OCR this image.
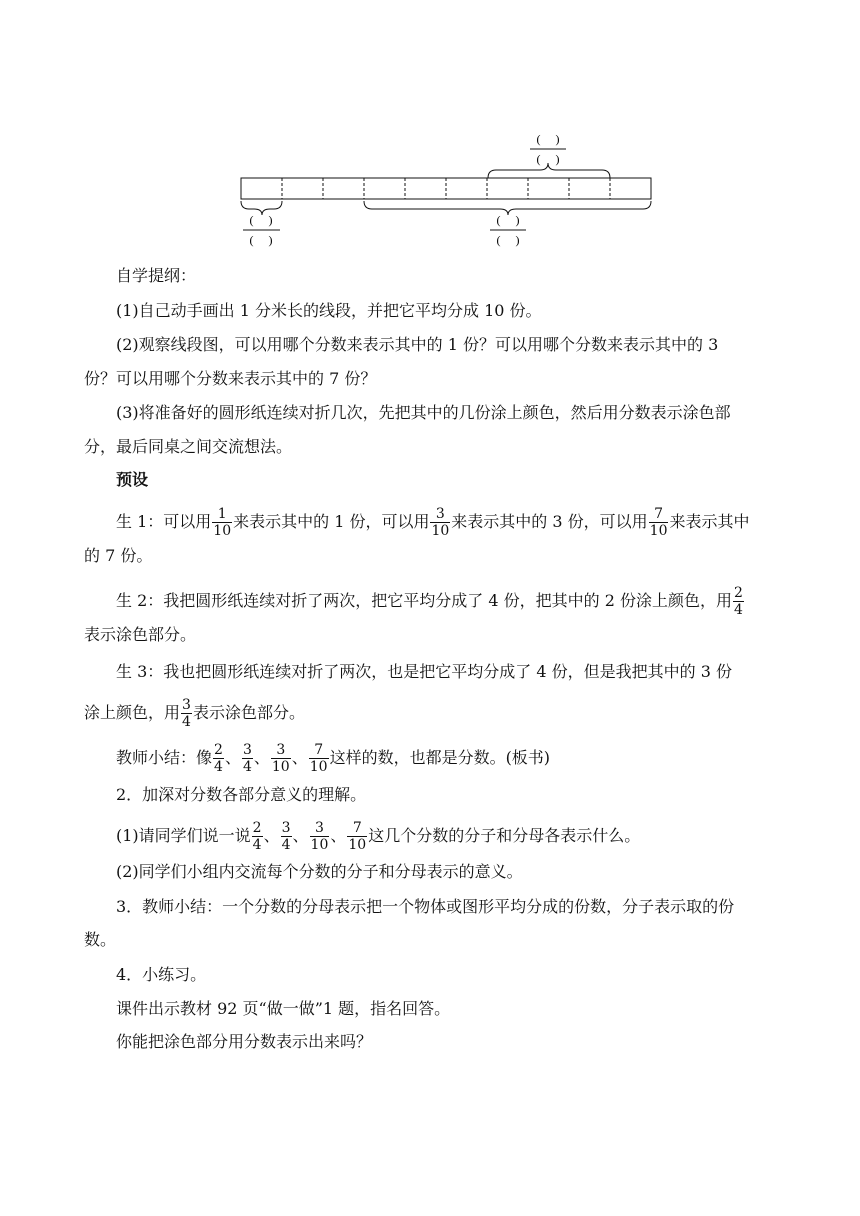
(　 )
(　 )
(　 )
(　 )
(　 )
(　 )
自学提纲：
(1)自己动手画出 1 分米长的线段，并把它平均分成 10 份。
(2)观察线段图，可以用哪个分数来表示其中的 1 份？可以用哪个分数来表示其中的 3
份？可以用哪个分数来表示其中的 7 份？
(3)将准备好的圆形纸连续对折几次，先把其中的几份涂上颜色，然后用分数表示涂色部
分，最后同桌之间交流想法。
预设
生 1：可以用 $\frac{1}{10}$ 来表示其中的 1 份，可以用 $\frac{3}{10}$ 来表示其中的 3 份，可以用 $\frac{7}{10}$ 来表示其中
的 7 份。
生 2：我把圆形纸连续对折了两次，把它平均分成了 4 份，把其中的 2 份涂上颜色，用 $\frac{2}{4}$
表示涂色部分。
生 3：我也把圆形纸连续对折了两次，也是把它平均分成了 4 份，但是我把其中的 3 份
涂上颜色，用 $\frac{3}{4}$ 表示涂色部分。
教师小结：像 $\frac{2}{4}$ 、 $\frac{3}{4}$ 、 $\frac{3}{10}$ 、 $\frac{7}{10}$ 这样的数，也都是分数。(板书)
2．加深对分数各部分意义的理解。
(1)请同学们说一说 $\frac{2}{4}$ 、 $\frac{3}{4}$ 、 $\frac{3}{10}$ 、 $\frac{7}{10}$ 这几个分数的分子和分母各表示什么。
(2)同学们小组内交流每个分数的分子和分母表示的意义。
3．教师小结：一个分数的分母表示把一个物体或图形平均分成的份数，分子表示取的份
数。
4．小练习。
课件出示教材 92 页“做一做”1 题，指名回答。
你能把涂色部分用分数表示出来吗？
